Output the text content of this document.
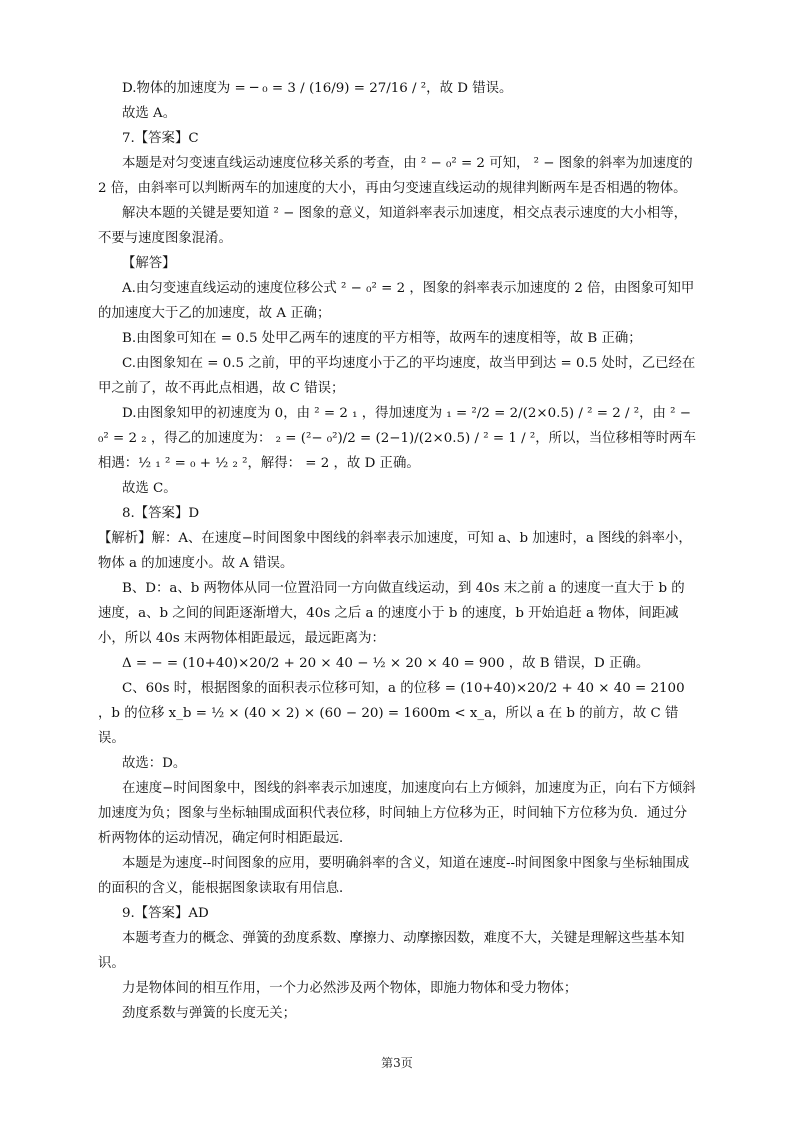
D.物体的加速度为 = ─ ₀ = 3 / (16/9) = 27/16 / ²，故 D 错误。

故选 A。

7.【答案】C

本题是对匀变速直线运动速度位移关系的考查，由 ² − ₀² = 2 可知， ² − 图象的斜率为加速度的 2 倍，由斜率可以判断两车的加速度的大小，再由匀变速直线运动的规律判断两车是否相遇的物体。

解决本题的关键是要知道 ² − 图象的意义，知道斜率表示加速度，相交点表示速度的大小相等，不要与速度图象混淆。

【解答】

A.由匀变速直线运动的速度位移公式 ² − ₀² = 2 ，图象的斜率表示加速度的 2 倍，由图象可知甲的加速度大于乙的加速度，故 A 正确；

B.由图象可知在 = 0.5 处甲乙两车的速度的平方相等，故两车的速度相等，故 B 正确；

C.由图象知在 = 0.5 之前，甲的平均速度小于乙的平均速度，故当甲到达 = 0.5 处时，乙已经在甲之前了，故不再此点相遇，故 C 错误；

D.由图象知甲的初速度为 0，由 ² = 2 ₁ ，得加速度为 ₁ = ²/2 = 2/(2×0.5) / ² = 2 / ²，由 ² − ₀² = 2 ₂ ，得乙的加速度为： ₂ = (²− ₀²)/2 = (2−1)/(2×0.5) / ² = 1 / ²，所以，当位移相等时两车相遇：½ ₁ ² = ₀ + ½ ₂ ²，解得： = 2 ，故 D 正确。

故选 C。

8.【答案】D

【解析】解：A、在速度−时间图象中图线的斜率表示加速度，可知 a、b 加速时，a 图线的斜率小，物体 a 的加速度小。故 A 错误。

B、D：a、b 两物体从同一位置沿同一方向做直线运动，到 40s 末之前 a 的速度一直大于 b 的速度，a、b 之间的间距逐渐增大，40s 之后 a 的速度小于 b 的速度，b 开始追赶 a 物体，间距减小，所以 40s 末两物体相距最远，最远距离为：

Δ = − = (10+40)×20/2 + 20 × 40 − ½ × 20 × 40 = 900 ，故 B 错误，D 正确。

C、60s 时，根据图象的面积表示位移可知，a 的位移 = (10+40)×20/2 + 40 × 40 = 2100 ，b 的位移 x_b = ½ × (40 × 2) × (60 − 20) = 1600m < x_a，所以 a 在 b 的前方，故 C 错误。

故选：D。

在速度−时间图象中，图线的斜率表示加速度，加速度向右上方倾斜，加速度为正，向右下方倾斜加速度为负；图象与坐标轴围成面积代表位移，时间轴上方位移为正，时间轴下方位移为负．通过分析两物体的运动情况，确定何时相距最远．

本题是为速度--时间图象的应用，要明确斜率的含义，知道在速度--时间图象中图象与坐标轴围成的面积的含义，能根据图象读取有用信息．

9.【答案】AD

本题考查力的概念、弹簧的劲度系数、摩擦力、动摩擦因数，难度不大，关键是理解这些基本知识。

力是物体间的相互作用，一个力必然涉及两个物体，即施力物体和受力物体；

劲度系数与弹簧的长度无关；

第3页
